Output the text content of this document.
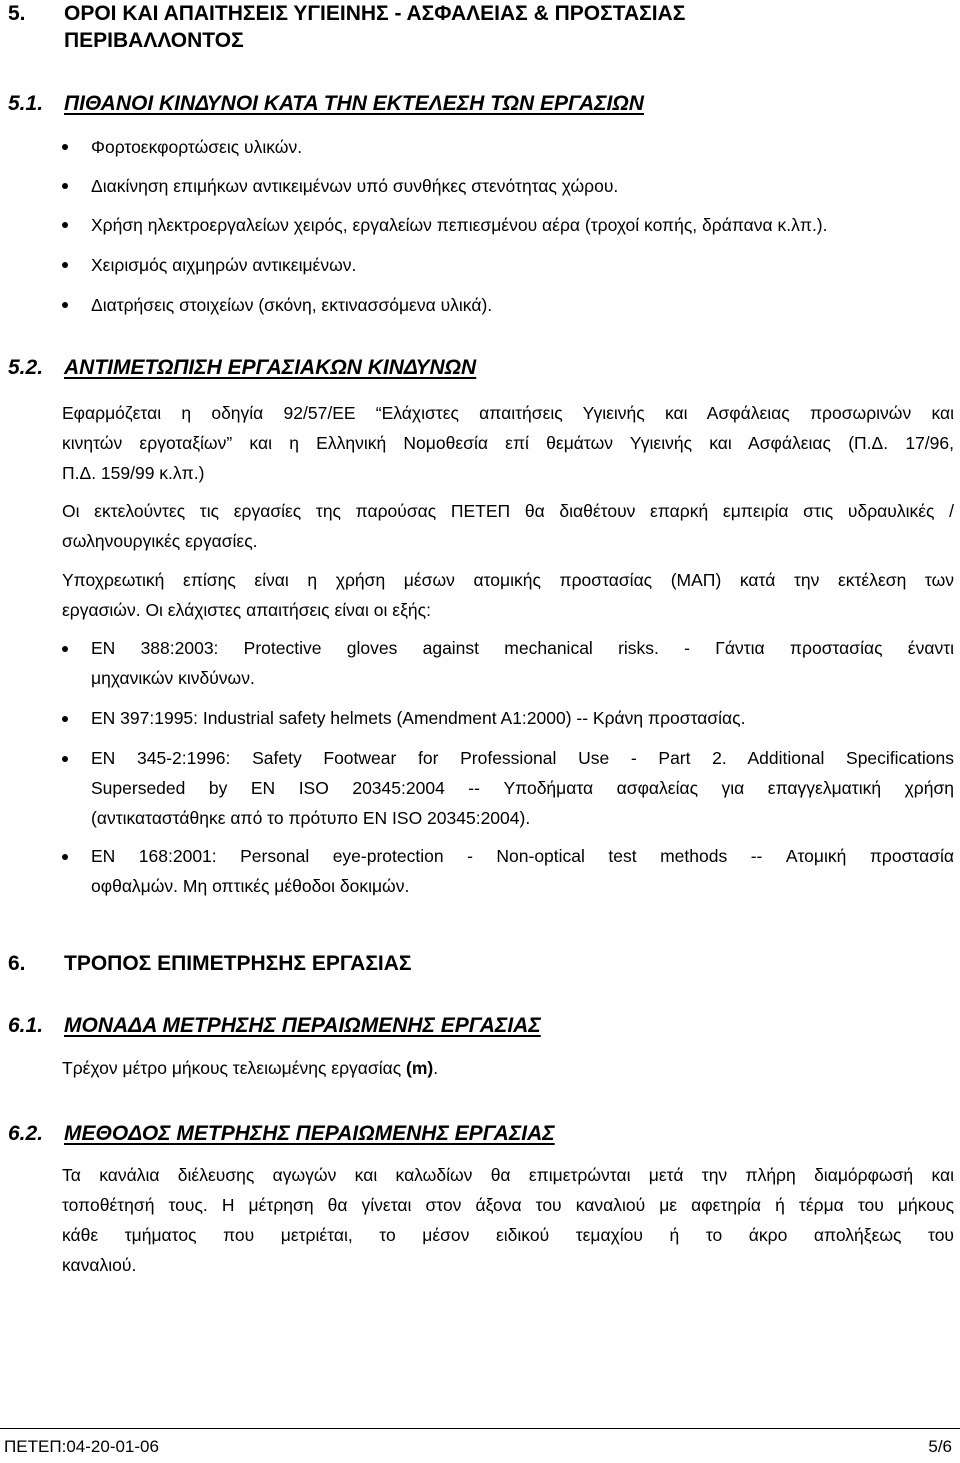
5. ΟΡΟΙ ΚΑΙ ΑΠΑΙΤΗΣΕΙΣ ΥΓΙΕΙΝΗΣ - ΑΣΦΑΛΕΙΑΣ & ΠΡΟΣΤΑΣΙΑΣ
ΠΕΡΙΒΑΛΛΟΝΤΟΣ
5.1. ΠΙΘΑΝΟΙ ΚΙΝΔΥΝΟΙ ΚΑΤΑ ΤΗΝ ΕΚΤΕΛΕΣΗ ΤΩΝ ΕΡΓΑΣΙΩΝ
Φορτοεκφορτώσεις υλικών.
Διακίνηση επιμήκων αντικειμένων υπό συνθήκες στενότητας χώρου.
Χρήση ηλεκτροεργαλείων χειρός, εργαλείων πεπιεσμένου αέρα (τροχοί κοπής, δράπανα κ.λπ.).
Χειρισμός αιχμηρών αντικειμένων.
Διατρήσεις στοιχείων (σκόνη, εκτινασσόμενα υλικά).
5.2. ΑΝΤΙΜΕΤΩΠΙΣΗ ΕΡΓΑΣΙΑΚΩΝ ΚΙΝΔΥΝΩΝ
Εφαρμόζεται η οδηγία 92/57/ΕΕ “Ελάχιστες απαιτήσεις Υγιεινής και Ασφάλειας προσωρινών και
κινητών εργοταξίων” και η Ελληνική Νομοθεσία επί θεμάτων Υγιεινής και Ασφάλειας (Π.Δ. 17/96,
Π.Δ. 159/99 κ.λπ.)
Οι εκτελούντες τις εργασίες της παρούσας ΠΕΤΕΠ θα διαθέτουν επαρκή εμπειρία στις υδραυλικές /
σωληνουργικές εργασίες.
Υποχρεωτική επίσης είναι η χρήση μέσων ατομικής προστασίας (ΜΑΠ) κατά την εκτέλεση των
εργασιών. Οι ελάχιστες απαιτήσεις είναι οι εξής:
ΕΝ 388:2003: Protective gloves against mechanical risks. - Γάντια προστασίας έναντι
μηχανικών κινδύνων.
ΕΝ 397:1995: Industrial safety helmets (Amendment A1:2000) -- Κράνη προστασίας.
ΕΝ 345-2:1996: Safety Footwear for Professional Use - Part 2. Additional Specifications
Superseded by EN ISO 20345:2004 -- Υποδήματα ασφαλείας για επαγγελματική χρήση
(αντικαταστάθηκε από το πρότυπο ΕΝ ISO 20345:2004).
ΕΝ 168:2001: Personal eye-protection - Non-optical test methods -- Ατομική προστασία
οφθαλμών. Μη οπτικές μέθοδοι δοκιμών.
6. ΤΡΟΠΟΣ ΕΠΙΜΕΤΡΗΣΗΣ ΕΡΓΑΣΙΑΣ
6.1. ΜΟΝΑΔΑ ΜΕΤΡΗΣΗΣ ΠΕΡΑΙΩΜΕΝΗΣ ΕΡΓΑΣΙΑΣ
Τρέχον μέτρο μήκους τελειωμένης εργασίας (m).
6.2. ΜΕΘΟΔΟΣ ΜΕΤΡΗΣΗΣ ΠΕΡΑΙΩΜΕΝΗΣ ΕΡΓΑΣΙΑΣ
Τα κανάλια διέλευσης αγωγών και καλωδίων θα επιμετρώνται μετά την πλήρη διαμόρφωσή και
τοποθέτησή τους. Η μέτρηση θα γίνεται στον άξονα του καναλιού με αφετηρία ή τέρμα του μήκους
κάθε τμήματος που μετριέται, το μέσον ειδικού τεμαχίου ή το άκρο απολήξεως του
καναλιού.
ΠΕΤΕΠ:04-20-01-06	5/6
